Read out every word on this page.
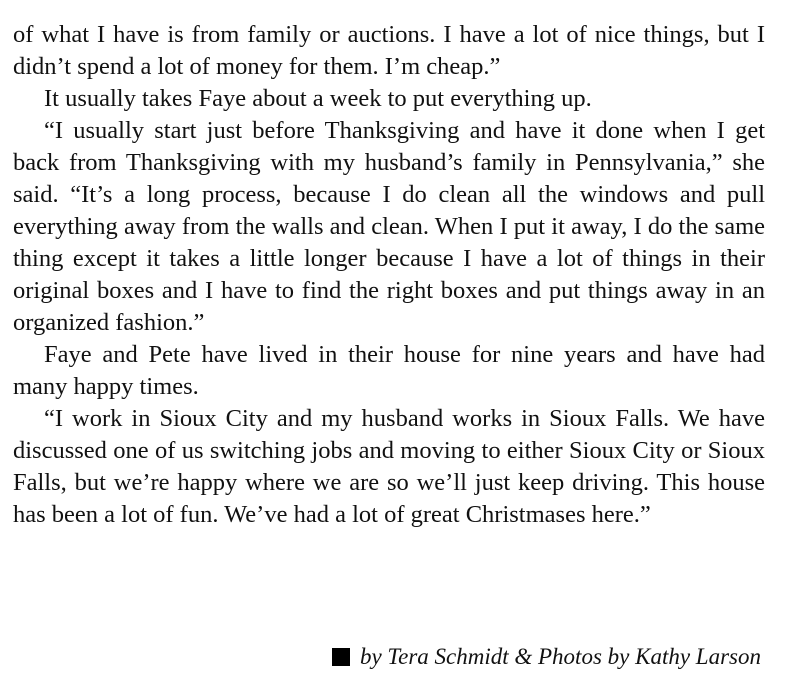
of what I have is from family or auctions. I have a lot of nice things, but I didn’t spend a lot of money for them. I’m cheap.”

It usually takes Faye about a week to put everything up.

“I usually start just before Thanksgiving and have it done when I get back from Thanksgiving with my husband’s family in Pennsylvania,” she said. “It’s a long process, because I do clean all the windows and pull everything away from the walls and clean. When I put it away, I do the same thing except it takes a little longer because I have a lot of things in their original boxes and I have to find the right boxes and put things away in an organized fashion.”

Faye and Pete have lived in their house for nine years and have had many happy times.

“I work in Sioux City and my husband works in Sioux Falls. We have discussed one of us switching jobs and moving to either Sioux City or Sioux Falls, but we’re happy where we are so we’ll just keep driving. This house has been a lot of fun. We’ve had a lot of great Christmases here.”

by Tera Schmidt & Photos by Kathy Larson
